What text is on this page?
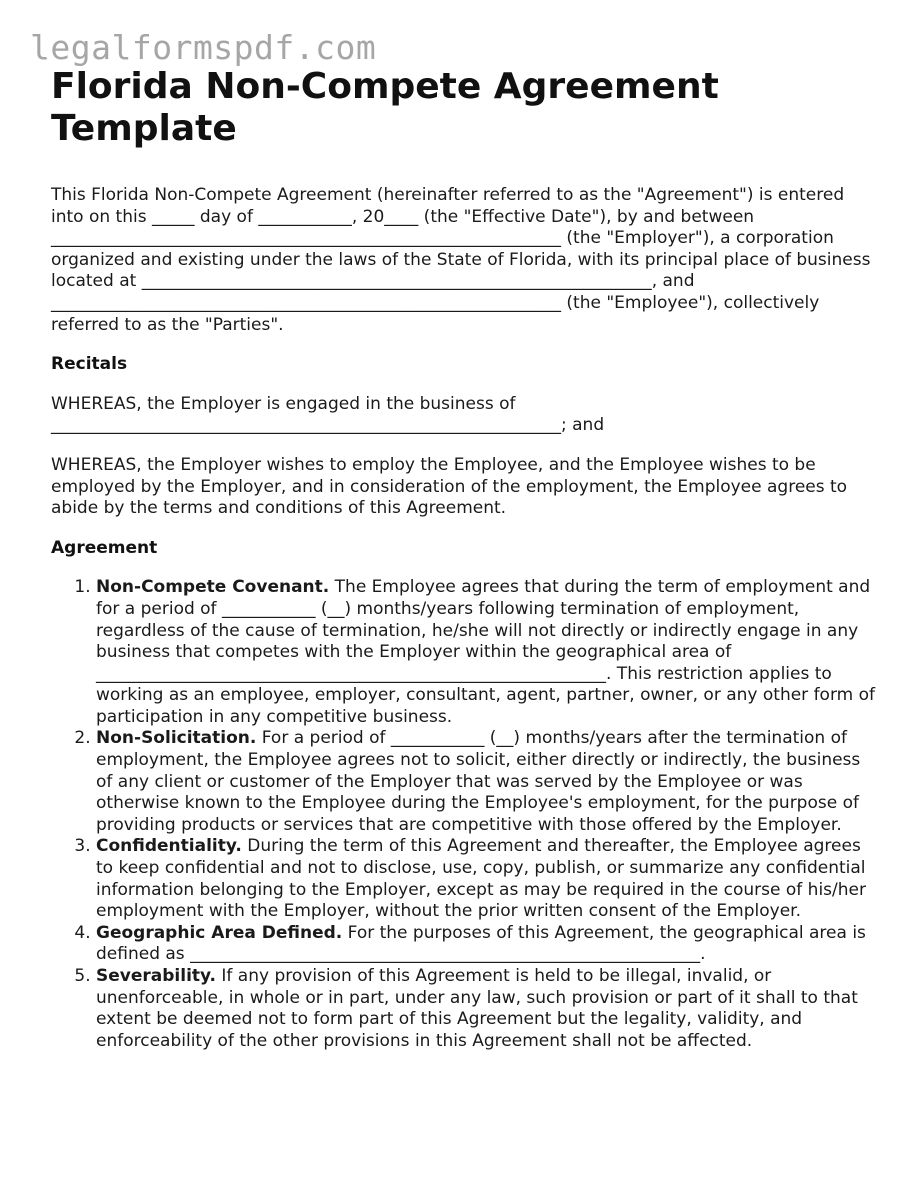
legalformspdf.com
Florida Non-Compete Agreement Template

This Florida Non-Compete Agreement (hereinafter referred to as the "Agreement") is entered into on this _____ day of ___________, 20____ (the "Effective Date"), by and between ____________________________________________________________ (the "Employer"), a corporation organized and existing under the laws of the State of Florida, with its principal place of business located at ____________________________________________________________, and ____________________________________________________________ (the "Employee"), collectively referred to as the "Parties".

Recitals

WHEREAS, the Employer is engaged in the business of ____________________________________________________________; and

WHEREAS, the Employer wishes to employ the Employee, and the Employee wishes to be employed by the Employer, and in consideration of the employment, the Employee agrees to abide by the terms and conditions of this Agreement.

Agreement
1. Non-Compete Covenant. The Employee agrees that during the term of employment and for a period of ___________ (__) months/years following termination of employment, regardless of the cause of termination, he/she will not directly or indirectly engage in any business that competes with the Employer within the geographical area of ____________________________________________________________. This restriction applies to working as an employee, employer, consultant, agent, partner, owner, or any other form of participation in any competitive business.
2. Non-Solicitation. For a period of ___________ (__) months/years after the termination of employment, the Employee agrees not to solicit, either directly or indirectly, the business of any client or customer of the Employer that was served by the Employee or was otherwise known to the Employee during the Employee's employment, for the purpose of providing products or services that are competitive with those offered by the Employer.
3. Confidentiality. During the term of this Agreement and thereafter, the Employee agrees to keep confidential and not to disclose, use, copy, publish, or summarize any confidential information belonging to the Employer, except as may be required in the course of his/her employment with the Employer, without the prior written consent of the Employer.
4. Geographic Area Defined. For the purposes of this Agreement, the geographical area is defined as ____________________________________________________________.
5. Severability. If any provision of this Agreement is held to be illegal, invalid, or unenforceable, in whole or in part, under any law, such provision or part of it shall to that extent be deemed not to form part of this Agreement but the legality, validity, and enforceability of the other provisions in this Agreement shall not be affected.
